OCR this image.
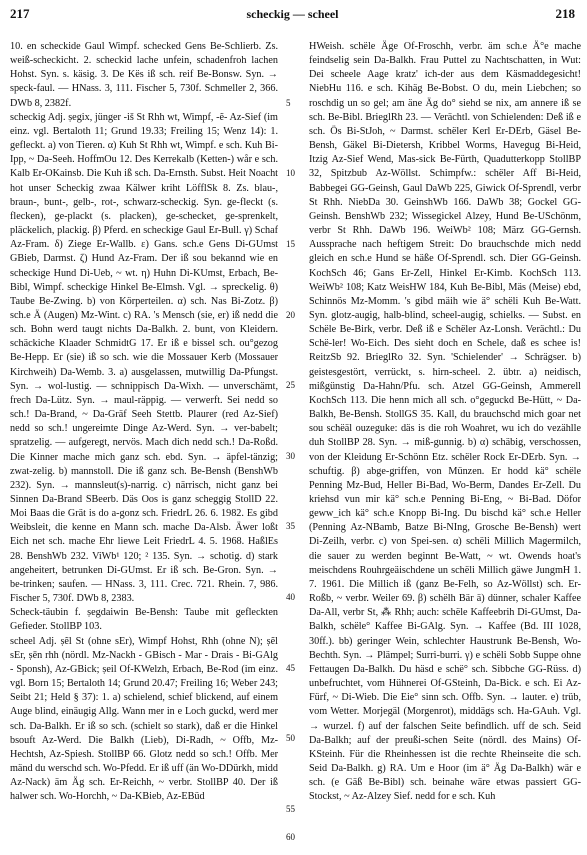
217	scheckig — scheel	218

10. en scheckide Gaul Wimpf. schecked Gens Be-Schlierb. Zs. weiß-scheckicht. 2. scheckid lache unfein, schadenfroh lachen Hohst. Syn. s. käsig. 3. De Kës iß sch. reif Be-Bonsw. Syn. → speck-faul. — HNass. 3, 111. Fischer 5, 730f. Schmeller 2, 366. DWb 8, 2382f.

scheckig Adj. ṣegix, jünger -iš St Rhh wt, Wimpf, -ẽ- Az-Sief (im einz. vgl. Bertaloth 11; Grund 19.33; Freiling 15; Wenz 14): 1. gefleckt. a) von Tieren. α) Kuh St Rhh wt, Wimpf. e sch. Kuh Bi-Ipp, ~ Da-Seeh. HoffmOu 12. Des Kerrekalb (Ketten-) wår e sch. Kalb Er-OKainsb. Die Kuh iß sch. Da-Ernsth. Subst. Heit Noacht hot unser Scheckig zwaa Kälwer kriht LöfflSk 8. Zs. blau-, braun-, bunt-, gelb-, rot-, schwarz-scheckig. Syn. ge-fleckt (s. flecken), ge-plackt (s. placken), ge-schecket, ge-sprenkelt, pläckelich, plackig. β) Pferd. en scheckige Gaul Er-Bull. γ) Schaf Az-Fram. δ) Ziege Er-Wallb. ε) Gans. sch.e Gens Di-GUmst GBieb, Darmst. ζ) Hund Az-Fram. Der iß sou bekannd wie en scheckige Hund Di-Ueb, ~ wt. η) Huhn Di-KUmst, Erbach, Be-Bibl, Wimpf. scheckige Hinkel Be-Elmsh. Vgl. → spreckelig. θ) Taube Be-Zwing. b) von Körperteilen. α) sch. Nas Bi-Zotz. β) sch.e Ä (Augen) Mz-Wint. c) RA. 's Mensch (sie, er) iß nedd die sch. Bohn werd taugt nichts Da-Balkh. 2. bunt, von Kleidern. schäckiche Klaader SchmidtG 17. Er iß e bissel sch. ou°gezog Be-Hepp. Er (sie) iß so sch. wie die Mossauer Kerb (Mossauer Kirchweih) Da-Wemb. 3. a) ausgelassen, mutwillig Da-Pfungst. Syn. → wol-lustig. — schnippisch Da-Wixh. — unverschämt, frech Da-Lütz. Syn. → maul-räppig. — verwerft. Sei nedd so sch.! Da-Brand, ~ Da-Gräf Seeh Stettb. Plaurer (red Az-Sief) nedd so sch.! ungereimte Dinge Az-Werd. Syn. → ver-babelt; spratzelig. — aufgeregt, nervös. Mach dich nedd sch.! Da-Roßd. Die Kinner mache mich ganz sch. ebd. Syn. → äpfel-tänzig; zwat-zelig. b) mannstoll. Die iß ganz sch. Be-Bensh (BenshWb 232). Syn. → mannsleut(s)-narrig. c) närrisch, nicht ganz bei Sinnen Da-Brand SBeerb. Däs Oos is ganz scheggig StollD 22. Moi Baas die Grät is do a-gonz sch. FriedrL 26. 6. 1982. Es gibd Weibsleit, die kenne en Mann sch. mache Da-Alsb. Äwer loßt Eich net sch. mache Ehr liewe Leit FriedrL 4. 5. 1968. HaßlEs 28. BenshWb 232. ViWb¹ 120; ² 135. Syn. → schotig. d) stark angeheitert, betrunken Di-GUmst. Er iß sch. Be-Gron. Syn. → be-trinken; saufen. — HNass. 3, 111. Crec. 721. Rhein. 7, 986. Fischer 5, 730f. DWb 8, 2383.

Scheck-täubin f. ṣegdaiwin Be-Bensh: Taube mit gefleckten Gefieder. StollBP 103.

scheel Adj. ṣẽl St (ohne sEr), Wimpf Hohst, Rhh (ohne N); ṣẽl sEr, ṣēn rhh (nördl. Mz-Nackh - GBisch - Mar - Drais - Bi-GAlg - Sponsh), Az-GBick; ṣeil Of-KWelzh, Erbach, Be-Rod (im einz. vgl. Born 15; Bertaloth 14; Grund 20.47; Freiling 16; Weber 243; Seibt 21; Held § 37): 1. a) schielend, schief blickend, auf einem Auge blind, einäugig Allg. Wann mer in e Loch guckd, werd mer sch. Da-Balkh. Er iß so sch. (schielt so stark), daß er die Hinkel bsouft Az-Werd. Die Balkh (Lieb), Di-Radh, ~ Offb, Mz-Hechtsh, Az-Spiesh. StollBP 66. Glotz nedd so sch.! Offb. Mer mänd du werschd sch. Wo-Pfedd. Er iß uff (än Wo-DDürkh, midd Az-Nack) äm Äg sch. Er-Reichh, ~ verbr. StollBP 40. Der iß halwer sch. Wo-Horchh, ~ Da-KBieb, Az-EBüd

5
10
15
20
25
30
35
40
45
50
55
60

HWeish. schële Äge Of-Froschh, verbr. äm sch.e Ä°e mache feindselig sein Da-Balkh. Frau Puttel zu Nachtschatten, in Wut: Dei scheele Aage kratz' ich-der aus dem Käsmaddegesicht! NiebHu 116. e sch. Kihäg Be-Bobst. O du, mein Liebchen; so roschdig un so gel; am äne Äg do° siehd se nix, am annere iß se sch. Be-Bibl. BrieglRh 23. — Verächtl. von Schielenden: Deß iß e sch. Ös Bi-StJoh, ~ Darmst. schëler Kerl Er-DErb, Gäsel Be-Bensh, Gäkel Bi-Dietersh, Kribbel Worms, Havegug Bi-Heid, Itzig Az-Sief Wend, Mas-sick Be-Fürth, Quadutterkopp StollBP 32, Spitzbub Az-Wöllst. Schimpfw.: schëler Aff Bi-Heid, Babbegei GG-Geinsh, Gaul DaWb 225, Giwick Of-Sprendl, verbr St Rhh. NiebDa 30. GeinshWb 166. DaWb 38; Gockel GG-Geinsh. BenshWb 232; Wissegickel Alzey, Hund Be-USchönm, verbr St Rhh. DaWb 196. WeiWb² 108; März GG-Gernsh. Aussprache nach heftigem Streit: Do brauchschde mich nedd gleich en sch.e Hund se häße Of-Sprendl. sch. Dier GG-Geinsh. KochSch 46; Gans Er-Zell, Hinkel Er-Kimb. KochSch 113. WeiWb² 108; Katz WeisHW 184, Kuh Be-Bibl, Mäs (Meise) ebd, Schinnös Mz-Momm. 's gibd mäih wie ä° schëli Kuh Be-Watt. Syn. glotz-augig, halb-blind, scheel-augig, schielks. — Subst. en Schële Be-Birk, verbr. Deß iß e Schëler Az-Lonsh. Verächtl.: Du Schë-ler! Wo-Eich. Des sieht doch en Schele, daß es schee is! ReitzSb 92. BrieglRo 32. Syn. 'Schielender' → Schrägser. b) geistesgestört, verrückt, s. hirn-scheel. 2. übtr. a) neidisch, mißgünstig Da-Hahn/Pfu. sch. Atzel GG-Geinsh, Ammerell KochSch 113. Die henn mich all sch. o°geguckd Be-Hütt, ~ Da-Balkh, Be-Bensh. StollGS 35. Kall, du brauchschd mich goar net sou schëäl ouzeguke: däs is die roh Woahret, wu ich do vezählle duh StollBP 28. Syn. → miß-gunnig. b) α) schäbig, verschossen, von der Kleidung Er-Schönn Etz. schëler Rock Er-DErb. Syn. → schuftig. β) abge-griffen, von Münzen. Er hodd kä° schële Penning Mz-Bud, Heller Bi-Bad, Wo-Berm, Dandes Er-Zell. Du kriehsd vun mir kä° sch.e Penning Bi-Eng, ~ Bi-Bad. Döfor geww_ich kä° sch.e Knopp Bi-Ing. Du bischd kä° sch.e Heller (Penning Az-NBamb, Batze Bi-NIng, Grosche Be-Bensh) wert Di-Zeilh, verbr. c) von Spei-sen. α) schëli Millich Magermilch, die sauer zu werden beginnt Be-Watt, ~ wt. Owends hoat's meischdens Rouhrgeäischdene un schëli Millich gäwe JungmH 1. 7. 1961. Die Millich iß (ganz Be-Felh, so Az-Wöllst) sch. Er-Roßb, ~ verbr. Weiler 69. β) schëlh Bär ä) dünner, schaler Kaffee Da-All, verbr St, ⁂ Rhh; auch: schële Kaffeebrih Di-GUmst, Da-Balkh, schële° Kaffee Bi-GAlg. Syn. → Kaffee (Bd. III 1028, 30ff.). bb) geringer Wein, schlechter Haustrunk Be-Bensh, Wo-Bechth. Syn. → Plämpel; Surri-burri. γ) e schëli Sobb Suppe ohne Fettaugen Da-Balkh. Du häsd e schë° sch. Sibbche GG-Rüss. d) unbefruchtet, vom Hühnerei Of-GSteinh, Da-Bick. e sch. Ei Az-Fürf, ~ Di-Wieb. Die Eie° sinn sch. Offb. Syn. → lauter. e) trüb, vom Wetter. Morjegäl (Morgenrot), middägs sch. Ha-GAuh. Vgl. → wurzel. f) auf der falschen Seite befindlich. uff de sch. Seid Da-Balkh; auf der preußi-schen Seite (nördl. des Mains) Of-KSteinh. Für die Rheinhessen ist die rechte Rheinseite die sch. Seid Da-Balkh. g) RA. Um e Hoor (im ä° Äg Da-Balkh) wär e sch. (e Gäß Be-Bibl) sch. beinahe wäre etwas passiert GG-Stockst, ~ Az-Alzey Sief. nedd for e sch. Kuh
